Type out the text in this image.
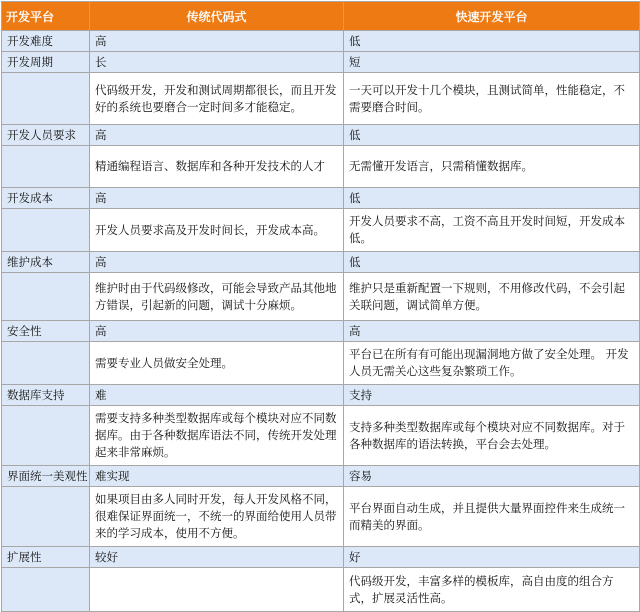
开发平台	传统代码式	快速开发平台
开发难度	高	低
开发周期	长	短
	代码级开发，开发和测试周期都很长，而且开发好的系统也要磨合一定时间多才能稳定。	一天可以开发十几个模块，且测试简单，性能稳定，不需要磨合时间。
开发人员要求	高	低
	精通编程语言、数据库和各种开发技术的人才	无需懂开发语言，只需稍懂数据库。
开发成本	高	低
	开发人员要求高及开发时间长，开发成本高。	开发人员要求不高，工资不高且开发时间短，开发成本低。
维护成本	高	低
	维护时由于代码级修改，可能会导致产品其他地方错误，引起新的问题，调试十分麻烦。	维护只是重新配置一下规则，不用修改代码，不会引起关联问题，调试简单方便。
安全性	高	高
	需要专业人员做安全处理。	平台已在所有有可能出现漏洞地方做了安全处理。 开发人员无需关心这些复杂繁琐工作。
数据库支持	难	支持
	需要支持多种类型数据库或每个模块对应不同数据库。由于各种数据库语法不同，传统开发处理起来非常麻烦。	支持多种类型数据库或每个模块对应不同数据库。对于各种数据库的语法转换，平台会去处理。
界面统一美观性	难实现	容易
	如果项目由多人同时开发，每人开发风格不同，很难保证界面统一，不统一的界面给使用人员带来的学习成本，使用不方便。	平台界面自动生成，并且提供大量界面控件来生成统一而精美的界面。
扩展性	较好	好
		代码级开发，丰富多样的模板库，高自由度的组合方式，扩展灵活性高。
